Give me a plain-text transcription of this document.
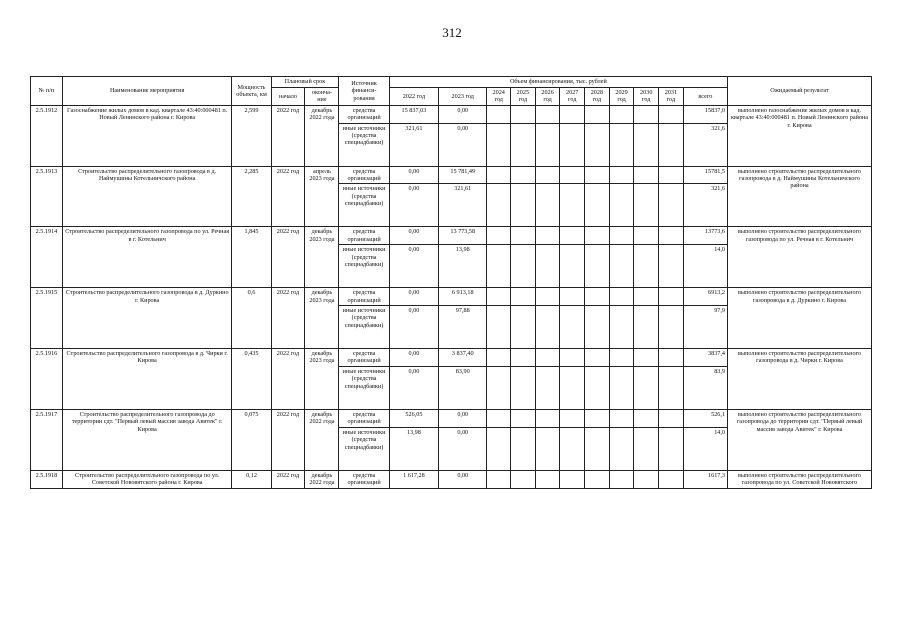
312
№ п/п	Наименование мероприятия	Мощность объекта, км	Плановый срок		Источник финанси-рования	Объем финансирования, тыс. рублей											Ожидаемый результат
			начало	оконча-ние		2022 год	2023 год	2024 год	2025 год	2026 год	2027 год	2028 год	2029 год	2030 год	2031 год	всего	
2.5.1912	Газоснабжение жилых домов в кад. квартале 43:40:000481 п. Новый Ленинского района г. Кирова	2,599	2022 год	декабрь 2022 года	средства организаций	15 837,03	0,00									15837,0	выполнено газоснабжение жилых домов в кад. квартале 43:40:000481 п. Новый Ленинского района г. Кирова
					иные источники (средства спецнадбавки)	321,61	0,00									321,6	
2.5.1913	Строительство распределительного газопровода в д. Наймушины Котельничского района	2,285	2022 год	апрель 2023 года	средства организаций	0,00	15 781,49									15781,5	выполнено строительство распределительного газопровода в д. Наймушины Котельничского района
					иные источники (средства спецнадбавки)	0,00	321,61									321,6	
2.5.1914	Строительство распределительного газопровода по ул. Речная в г. Котельнич	1,845	2022 год	декабрь 2023 года	средства организаций	0,00	13 773,58									13773,6	выполнено строительство распределительного газопровода по ул. Речная в г. Котельнич
					иные источники (средства спецнадбавки)	0,00	13,98									14,0	
2.5.1915	Строительство распределительного газопровода в д. Дуркино г. Кирова	0,6	2022 год	декабрь 2023 года	средства организаций	0,00	6 913,18									6913,2	выполнено строительство распределительного газопровода в д. Дуркино г. Кирова
					иные источники (средства спецнадбавки)	0,00	97,88									97,9	
2.5.1916	Строительство распределительного газопровода в д. Чирки г. Кирова	0,435	2022 год	декабрь 2023 года	средства организаций	0,00	3 837,40									3837,4	выполнено строительство распределительного газопровода в д. Чирки г. Кирова
					иные источники (средства спецнадбавки)	0,00	83,90									83,9	
2.5.1917	Строительство распределительного газопровода до территории сдт. "Первый левый массив завода Авитек" г. Кирова	0,075	2022 год	декабрь 2022 года	средства организаций	526,05	0,00									526,1	выполнено строительство распределительного газопровода до территории сдт. "Первый левый массив завода Авитек" г. Кирова
					иные источники (средства спецнадбавки)	13,98	0,00									14,0	
2.5.1918	Строительство распределительного газопровода по ул. Советской Нововятского района г. Кирова	0,12	2022 год	декабрь 2022 года	средства организаций	1 617,28	0,00									1617,3	выполнено строительство распределительного газопровода по ул. Советской Нововятского
